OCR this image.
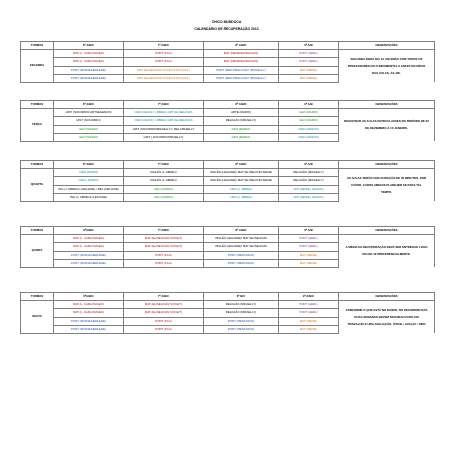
CHICO MUNDOCA
CALENDÁRIO DE RECUPERAÇÃO 2012
TURMAS	6ª A/B/C	7ª A/B/C	8ª A/B/C	9ª A/B	OBSERVAÇÕES
SEGUNDA	MAT (L. CARLOS/GEO)	PORT (FCA)	MAT (DEISE/ELISEU/GIN)	PORT (HERL)	SEGUNDA FEIRA DIA 10, REUNIÃO COM TODOS OS
PROFESSORES DO FUNDAMENTAL II ANTES DO INÍCIO
DAS AULAS. ÀS 13h.

	MAT (L. CARLOS/GEO)	PORT (FCA)	MAT (DEISE/ELISEU/GIN)	PORT (HERL)	
	PORT (FRANK/HERLENE)	MAT (ELISEU/GIN/ VOCE/TJ/ RG (FCA )	PORT (MENT/MAIJ) MAT (MIKAELLY)	MAT (DEISE)	
	PORT (FRANK/HERLENE)	MAT (ELISEU/GIN/ VOCE/TJ/ RG (FCA )	PORT (MENT/MAIJ) MAT (MIKAELLY)	MAT (DEISE)	
TURMAS	6ª A/B/C	7ª A/B/C	8ª A/B/C	9ª A/B	OBSERVAÇÕES
TERÇA	HIST (SOCORRO/ ARTSEGENON)	CIEN (CECI/F.) / ABREU/ ART (ELISEU/GIN)	ARTE (MARIO)	GEO (MARIO)	REGISTRAR AS AULAS EXTRACLASSES DO PERÍODO DE 02
DE DEZEMBRO À 10 JANEIRO.

	HIST (SOCORRO)	CIEN (CECI/F.) / ABREU/ ART (ELISEU/GIN)	RELIGIÃO (MIKAELLY)	GEO (MARIO)	
	GEO (MARIO)	HIST (SOCORRO/MIKAELLY) / REL MIKAELLY	GEO (MARIO)	CIEN (GESON)	
	GEO (MARIO)	HIST ( SOCORRO/MIKAELLY)	GEO (MARIO)	CIEN (GESON)	
TURMAS	6ª A/B/C	7ª A/B/C	8ª A/B/C	9ª A/B	OBSERVAÇÕES
QUARTA	CIEN (MARIO)	INGLÊS (J. ABREU)	INGLÊS (LEILIANE)/ MAT (ELISEU/GIN/ DEISE	RELIGIÃO (MIKAELLY)	AS AULAS TERÃO UMA DURAÇÃO DE 45 MINUTOS, POR
FAVOR, CAROS AMIGOS PLANEJEM SE PARA TAL
TEMPO.

	CIEN ( MARIO)	INGLÊS (J. ABREU)	INGLÊS (LEILIANE)/ MAT (ELISEU/GIN/ DEISE	RELIGIÃO (MIKAELLY)	
	ING (J. ABREU)/ (LEILIANE) / REL (LEILIANE)	GEO (MARIO)	CIEN (J. ABREU)	ART (DEISE / GESON)	
	ING (J. ABREU)/ (LEILIANE)	GEO (MARIO)	CIEN (J. ABREU)	ART (DEISE / GESON)	
TURMAS	6ªA/B/C	7ª A/B/C	8ª A/B/C	9ª A/B	OBSERVAÇÕES
QUINTA	MAT (L. CARLOS/GEO)	MAT (ELISEU/GIN/ VOCE/T)	INGLÊS (LEILIANE)/ MAT (ELISEU/GIN	PORT (HERL)	A MÉDIA DA RECUPERAÇÃO DEVE SER ENTREGUE LOGO
NO DIA 19 PREFERENCIALMENTE.

	MAT (L. CARLOS/GEO)	MAT (ELISEU/GIN/ VOCE/T)	INGLÊS (LEILIANE)/ MAT (ELISEU/GIN	PORT (HERL)	
	PORT (FRANK/HERLENE)	PORT (FCA)	PORT (MENT/MAIJ)	MAT (DEISE)	
	PORT (FRANK/HERLENE)	PORT (FCA)	PORT (MENT/MAIJ)	MAT (DEISE)	
TURMAS	6ªA/B/C	7ª A/B/C	8ª B/C	9ª A/B/C	OBSERVAÇÕES
SEXTA	MAT (L. CARLOS/GEO)	MAT (ELISEU/GIN/ VOCE/T)	RELIGIÃO (MIKAELLY)	PORT (HERL)	CONFORME O QUE ESTÁ NO DIÁRIO, NO DECORRER DAS
DUAS SEMANAS DEVEM SER REALIZADO UM
TRABALHO E UMA AVALIAÇÃO. (TRAB + AVAL)/2 = MFR

	MAT (L. CARLOS/GEO)	MAT (ELISEU/GIN/ VOCE/T)	RELIGIÃO (MIKAELLY)	PORT (HERL)	
	PORT (FRANK/HERLENE)	PORT (FCA)	PORT (MENT/MAIJ)	MAT (DEISE)	
	PORT (FRANK/HERLENE)	PORT (FCA)	PORT (MENT/MAIJ)	MAT (DEISE)	
